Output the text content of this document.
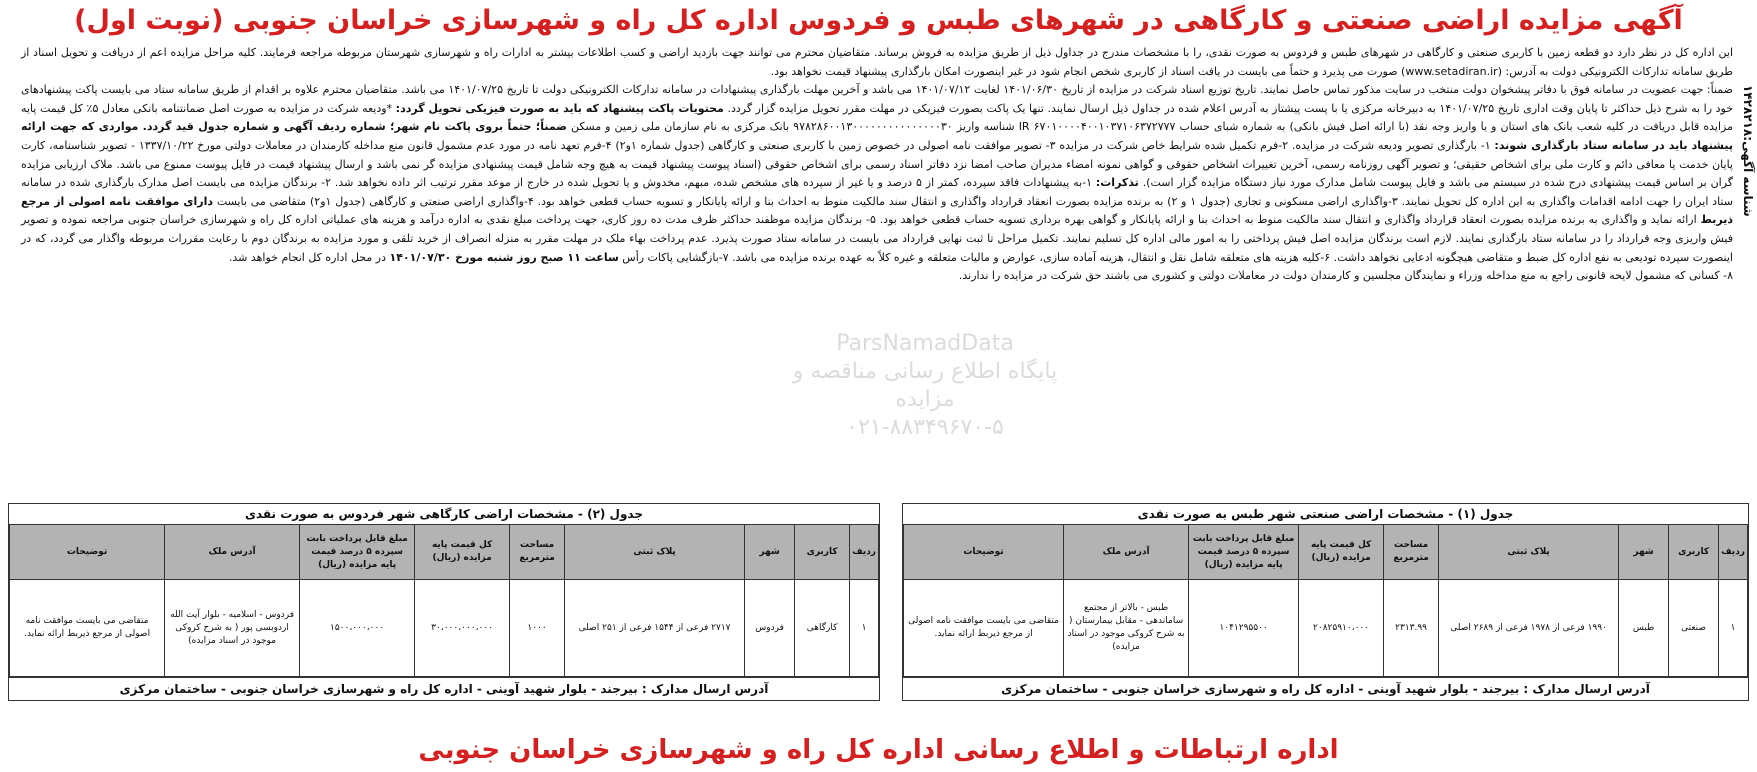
آگهی مزایده اراضی صنعتی و کارگاهی در شهرهای طبس و فردوس اداره کل راه و شهرسازی خراسان جنوبی (نوبت اول)
شناسه آگهی:۱۴۲۸۲۱۸

این اداره کل در نظر دارد دو قطعه زمین با کاربری صنعتی و کارگاهی در شهرهای طبس و فردوس به صورت نقدی، را با مشخصات مندرج در جداول ذیل از طریق مزایده به فروش برساند. متقاضیان محترم می توانند جهت بازدید اراضی و کسب اطلاعات بیشتر به ادارات راه و شهرسازی شهرستان مربوطه مراجعه فرمایند. کلیه مراحل مزایده اعم از دریافت و تحویل اسناد از طریق سامانه تدارکات الکترونیکی دولت به آدرس: (www.setadiran.ir) صورت می پذیرد و حتماً می بایست در یافت اسناد از کاربری شخص انجام شود در غیر اینصورت امکان بارگذاری پیشنهاد قیمت نخواهد بود.

ضمناً: جهت عضویت در سامانه فوق با دفاتر پیشخوان دولت منتخب در سایت مذکور تماس حاصل نمایند. تاریخ توزیع اسناد شرکت در مزایده از تاریخ ۱۴۰۱/۰۶/۳۰ لغایت ۱۴۰۱/۰۷/۱۲ می باشد و آخرین مهلت بارگذاری پیشنهادات در سامانه تدارکات الکترونیکی دولت تا تاریخ ۱۴۰۱/۰۷/۲۵ می باشد. متقاضیان محترم علاوه بر اقدام از طریق سامانه ستاد می بایست پاکت پیشنهادهای خود را به شرح ذیل حداکثر تا پایان وقت اداری تاریخ ۱۴۰۱/۰۷/۲۵ به دبیرخانه مرکزی یا با پست پیشتاز به آدرس اعلام شده در جداول ذیل ارسال نمایند. تنها یک پاکت بصورت فیزیکی در مهلت مقرر تحویل مزایده گزار گردد. محتویات پاکت پیشنهاد که باید به صورت فیزیکی تحویل گردد: *ودیعه شرکت در مزایده به صورت اصل ضمانتنامه بانکی معادل ۵٪ کل قیمت پایه مزایده قابل دریافت در کلیه شعب بانک های استان و یا واریز وجه نقد (با ارائه اصل فیش بانکی) به شماره شبای حساب IR ۶۷۰۱۰۰۰۰۴۰۰۱۰۳۷۱۰۶۳۷۲۷۷۷ شناسه واریز ۹۷۸۲۸۶۰۰۱۳۰۰۰۰۰۰۰۰۰۰۰۰۰۰۰۳۰ بانک مرکزی به نام سازمان ملی زمین و مسکن ضمناً؛ حتماً بروی پاکت نام شهر؛ شماره ردیف آگهی و شماره جدول قید گردد. مواردی که جهت ارائه پیشنهاد باید در سامانه ستاد بارگذاری شوند: ۱- بارگذاری تصویر ودیعه شرکت در مزایده. ۲-فرم تکمیل شده شرایط خاص شرکت در مزایده ۳- تصویر موافقت نامه اصولی در خصوص زمین با کاربری صنعتی و کارگاهی (جدول شماره ۱و۲) ۴-فرم تعهد نامه در مورد عدم مشمول قانون منع مداخله کارمندان در معاملات دولتی مورخ ۱۳۳۷/۱۰/۲۲ - تصویر شناسنامه، کارت پایان خدمت یا معافی دائم و کارت ملی برای اشخاص حقیقی؛ و تصویر آگهی روزنامه رسمی، آخرین تغییرات اشخاص حقوقی و گواهی نمونه امضاء مدیران صاحب امضا نزد دفاتر اسناد رسمی برای اشخاص حقوقی (اسناد پیوست پیشنهاد قیمت به هیچ وجه شامل قیمت پیشنهادی مزایده گر نمی باشد و ارسال پیشنهاد قیمت در فایل پیوست ممنوع می باشد. ملاک ارزیابی مزایده گران بر اساس قیمت پیشنهادی درج شده در سیستم می باشد و فایل پیوست شامل مدارک مورد نیاز دستگاه مزایده گزار است). تذکرات: ۱-به پیشنهادات فاقد سپرده، کمتر از ۵ درصد و یا غیر از سپرده های مشخص شده، مبهم، مخدوش و یا تحویل شده در خارج از موعد مقرر ترتیب اثر داده نخواهد شد. ۲- برندگان مزایده می بایست اصل مدارک بارگذاری شده در سامانه ستاد ایران را جهت ادامه اقدامات واگذاری به این اداره کل تحویل نمایند. ۳-واگذاری اراضی مسکونی و تجاری (جدول ۱ و ۲) به برنده مزایده بصورت انعقاد قرارداد واگذاری و انتقال سند مالکیت منوط به احداث بنا و ارائه پایانکار و تسویه حساب قطعی خواهد بود. ۴-واگذاری اراضی صنعتی و کارگاهی (جدول ۱و۲) متقاضی می بایست دارای موافقت نامه اصولی از مرجع ذیربط ارائه نماید و واگذاری به برنده مزایده بصورت انعقاد قرارداد واگذاری و انتقال سند مالکیت منوط به احداث بنا و ارائه پایانکار و گواهی بهره برداری تسویه حساب قطعی خواهد بود. ۵- برندگان مزایده موظفند حداکثر ظرف مدت ده روز کاری، جهت پرداخت مبلغ نقدی به اداره درآمد و هزینه های عملیاتی اداره کل راه و شهرسازی خراسان جنوبی مراجعه نموده و تصویر فیش واریزی وجه قرارداد را در سامانه ستاد بارگذاری نمایند. لازم است برندگان مزایده اصل فیش پرداختی را به امور مالی اداره کل تسلیم نمایند. تکمیل مراحل تا ثبت نهایی قرارداد می بایست در سامانه ستاد صورت پذیرد. عدم پرداخت بهاء ملک در مهلت مقرر به منزله انصراف از خرید تلقی و مورد مزایده به برندگان دوم با رعایت مقررات مربوطه واگذار می گردد، که در اینصورت سپرده تودیعی به نفع اداره کل ضبط و متقاضی هیچگونه ادعایی نخواهد داشت. ۶-کلیه هزینه های متعلقه شامل نقل و انتقال، هزینه آماده سازی، عوارض و مالیات متعلقه و غیره کلاً به عهده برنده مزایده می باشد. ۷-بازگشایی پاکات رأس ساعت ۱۱ صبح روز شنبه مورخ ۱۴۰۱/۰۷/۳۰ در محل اداره کل انجام خواهد شد.

۸- کسانی که مشمول لایحه قانونی راجع به منع مداخله وزراء و نمایندگان مجلسین و کارمندان دولت در معاملات دولتی و کشوری می باشند حق شرکت در مزایده را ندارند.

ParsNamadData
پایگاه اطلاع رسانی مناقصه و مزایده
۰۲۱-۸۸۳۴۹۶۷۰-۵
جدول (۱) - مشخصات اراضی صنعتی شهر طبس به صورت نقدی
ردیف	کاربری	شهر	پلاک ثبتی	مساحت مترمربع	کل قیمت پایه مزایده (ریال)	مبلغ قابل پرداخت بابت سپرده ۵ درصد قیمت پایه مزایده (ریال)	آدرس ملک	توضیحات
۱	صنعتی	طبس	۱۹۹۰ فرعی از ۱۹۷۸ فرعی از ۲۶۸۹ اصلی	۲۳۱۳.۹۹	۲۰۸۲۵۹۱۰،۰۰۰	۱۰۴۱۲۹۵۵۰۰	طبس - بالاتر از مجتمع ساماندهی - مقابل بیمارستان ( به شرح کروکی موجود در اسناد مزایده)	متقاضی می بایست موافقت نامه اصولی از مرجع ذیربط ارائه نماید.
آدرس ارسال مدارک : بیرجند - بلوار شهید آوینی - اداره کل راه و شهرسازی خراسان جنوبی - ساختمان مرکزی
جدول (۲) - مشخصات اراضی کارگاهی شهر فردوس به صورت نقدی
ردیف	کاربری	شهر	پلاک ثبتی	مساحت مترمربع	کل قیمت پایه مزایده (ریال)	مبلغ قابل پرداخت بابت سپرده ۵ درصد قیمت پایه مزایده (ریال)	آدرس ملک	توضیحات
۱	کارگاهی	فردوس	۲۷۱۷ فرعی از ۱۵۴۴ فرعی از ۲۵۱ اصلی	۱۰۰۰	۳۰،۰۰۰،۰۰۰،۰۰۰	۱۵۰۰،۰۰۰،۰۰۰	فردوس - اسلامیه - بلوار آیت الله اردوبسی پور ( به شرح کروکی موجود در اسناد مزایده)	متقاضی می بایست موافقت نامه اصولی از مرجع ذیربط ارائه نماید.
آدرس ارسال مدارک : بیرجند - بلوار شهید آوینی - اداره کل راه و شهرسازی خراسان جنوبی - ساختمان مرکزی
اداره ارتباطات و اطلاع رسانی اداره کل راه و شهرسازی خراسان جنوبی
